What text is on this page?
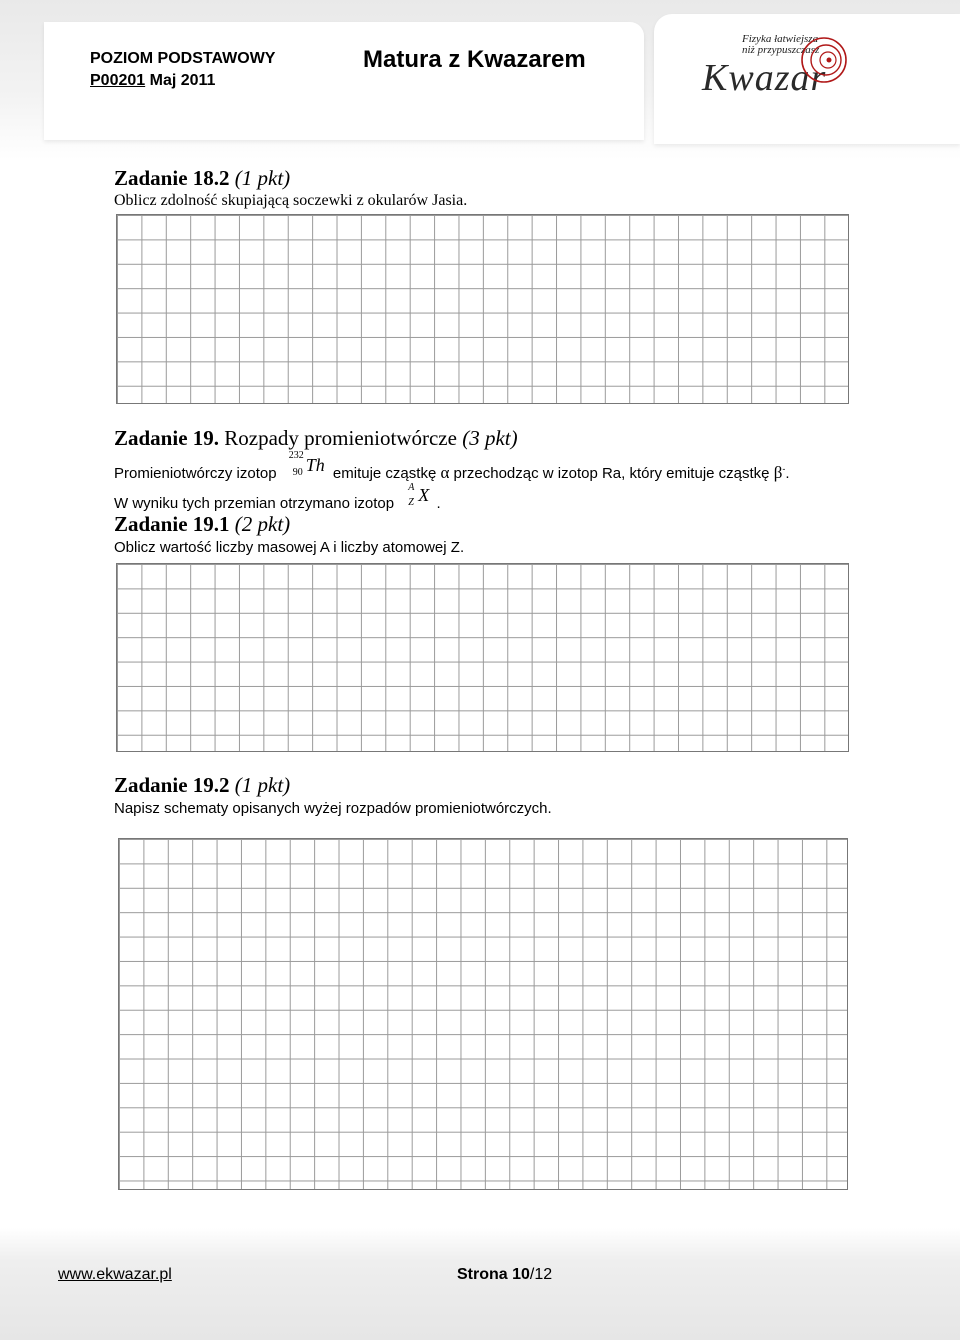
POZIOM PODSTAWOWY
P00201 Maj 2011
Matura z Kwazarem
Fizyka łatwiejsza
niż przypuszczasz
Kwazar
Zadanie 18.2 (1 pkt)
Oblicz zdolność skupiającą soczewki z okularów Jasia.
Zadanie 19. Rozpady promieniotwórcze (3 pkt)
Promieniotwórczy izotop
232
90 Th emituje cząstkę α przechodząc w izotop Ra, który emituje cząstkę β-.
W wyniku tych przemian otrzymano izotop
A
Z X .
Zadanie 19.1 (2 pkt)
Oblicz wartość liczby masowej A i liczby atomowej Z.
Zadanie 19.2 (1 pkt)
Napisz schematy opisanych wyżej rozpadów promieniotwórczych.
www.ekwazar.pl	Strona 10/12
